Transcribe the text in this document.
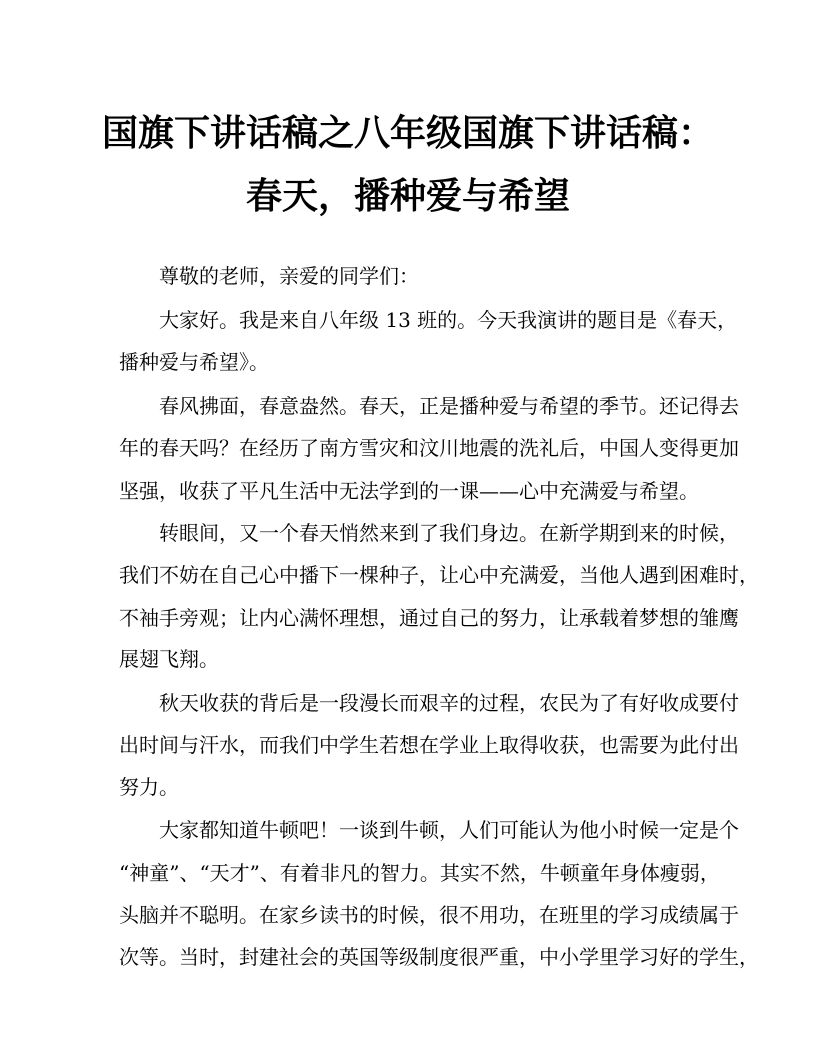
国旗下讲话稿之八年级国旗下讲话稿：
春天，播种爱与希望
尊敬的老师，亲爱的同学们：
大家好。我是来自八年级 13 班的。今天我演讲的题目是《春天，
播种爱与希望》。
春风拂面，春意盎然。春天，正是播种爱与希望的季节。还记得去
年的春天吗？在经历了南方雪灾和汶川地震的洗礼后，中国人变得更加
坚强，收获了平凡生活中无法学到的一课——心中充满爱与希望。
转眼间，又一个春天悄然来到了我们身边。在新学期到来的时候，
我们不妨在自己心中播下一棵种子，让心中充满爱，当他人遇到困难时，
不袖手旁观；让内心满怀理想，通过自己的努力，让承载着梦想的雏鹰
展翅飞翔。
秋天收获的背后是一段漫长而艰辛的过程，农民为了有好收成要付
出时间与汗水，而我们中学生若想在学业上取得收获，也需要为此付出
努力。
大家都知道牛顿吧！一谈到牛顿，人们可能认为他小时候一定是个
“神童”、“天才”、有着非凡的智力。其实不然，牛顿童年身体瘦弱，
头脑并不聪明。在家乡读书的时候，很不用功，在班里的学习成绩属于
次等。当时，封建社会的英国等级制度很严重，中小学里学习好的学生，
